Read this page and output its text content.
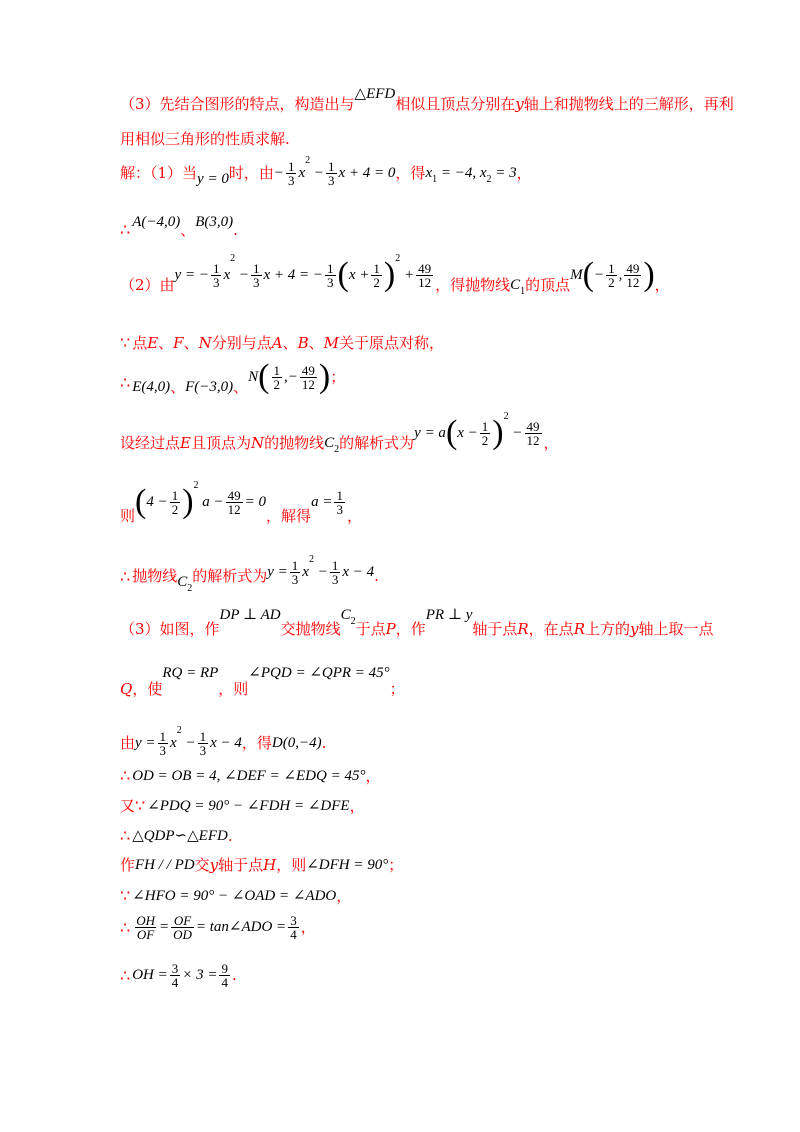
（3）先结合图形的特点，构造出与
△EFD
相似且顶点分别在 y 轴上和抛物线上的三解形，再利
用相似三角形的性质求解.
解：（1）当 y = 0 时，由 − $\frac{1}{3}$ x
2

− $\frac{1}{3}$ x + 4 = 0 ，得 x 1
= −4, x 2
= 3 ，
∴ A(−4,0) 、 B(3,0) .
（2）由
y = − $\frac{1}{3}$ x
2

− $\frac{1}{3}$ x + 4 = − $\frac{1}{3}$ ( $x + \frac{1}{2}$ ) 2

+ $\frac{49}{12}$ ，得抛物线 C 1 的顶点
M ( − $\frac{1}{2}$ , $\frac{49}{12}$ ) ，
∵ 点 E 、 F 、 N 分别与点 A 、 B 、 M 关于原点对称，
∴ E(4,0) 、 F(−3,0) 、
N ( $\frac{1}{2}$ ,− $\frac{49}{12}$ ) ；
设经过点 E 且顶点为 N 的抛物线 C 2 的解析式为
y = a ( $x - \frac{1}{2}$ ) 2

− $\frac{49}{12}$ ，
则 ( $4 - \frac{1}{2}$ ) 2

$a - \frac{49}{12} = 0$
，解得
$a = \frac{1}{3}$ ，
∴ 抛物线 C 2
的解析式为 $y = \frac{1}{3}$ x
2

− $\frac{1}{3}$ x − 4 .
（3）如图，作
DP ⊥ AD
交抛物线
C 2 于点 P ，作
PR ⊥ y
轴于点 R ，在点 R 上方的 y 轴上取一点
Q ，使
RQ = RP
，则
∠PQD = ∠QPR = 45°
；
由 $y = \frac{1}{3}$ x
2

− $\frac{1}{3}$ x − 4 ，得 D(0,−4) .
∴ OD = OB = 4, ∠DEF = ∠EDQ = 45° ，
又 ∵ ∠PDQ = 90° − ∠FDH = ∠DFE ，
∴ △QDP∽△EFD .
作 FH / / PD 交 y 轴于点 H ，则 ∠DFH = 90° ；
∵ ∠HFO = 90° − ∠OAD = ∠ADO ，
∴ $\frac{OH}{OF} = \frac{OF}{OD}$ = tan∠ADO = $\frac{3}{4}$ ，
∴ OH = $\frac{3}{4} \times 3 = \frac{9}{4}$ .
